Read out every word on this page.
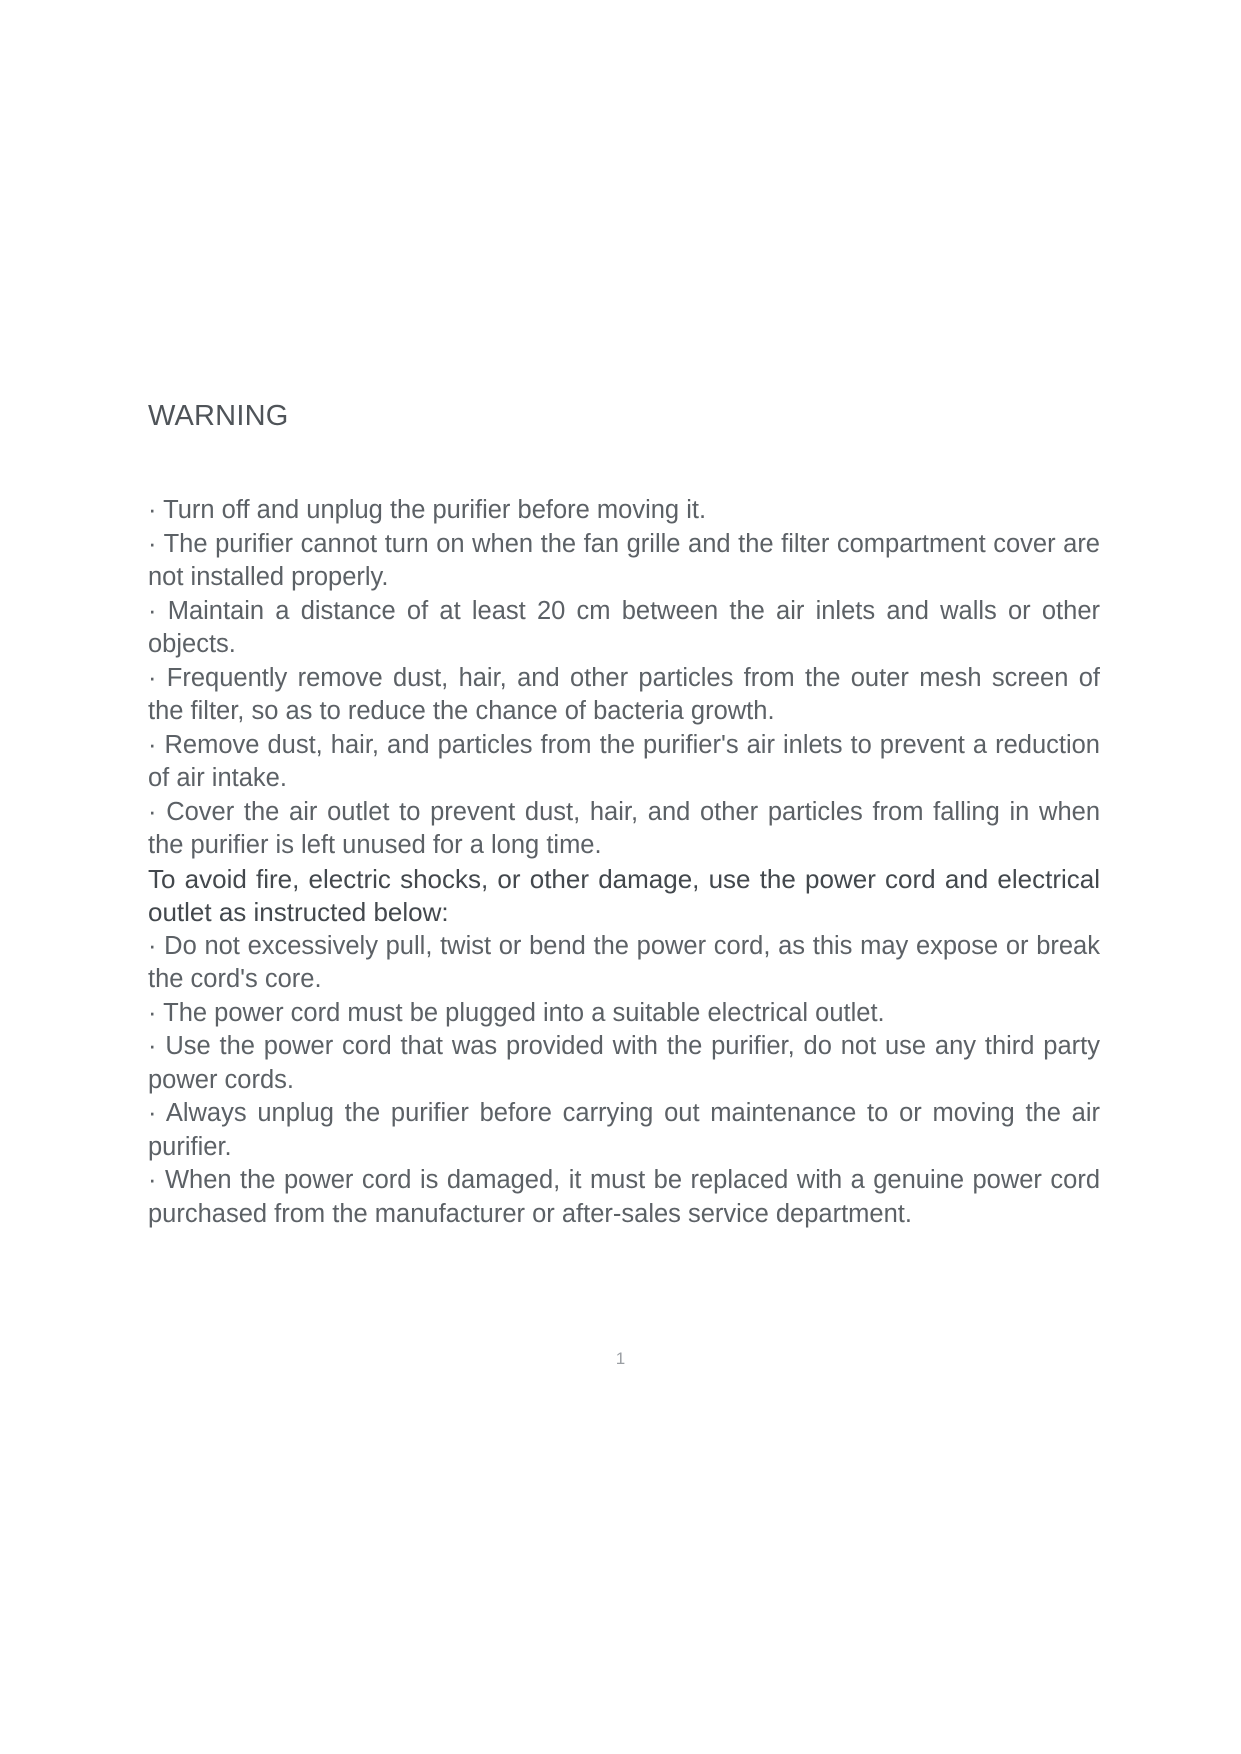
WARNING

· Turn off and unplug the purifier before moving it.

· The purifier cannot turn on when the fan grille and the filter compartment cover are not installed properly.

· Maintain a distance of at least 20 cm between the air inlets and walls or other objects.

· Frequently remove dust, hair, and other particles from the outer mesh screen of the filter, so as to reduce the chance of bacteria growth.

· Remove dust, hair, and particles from the purifier's air inlets to prevent a reduction of air intake.

· Cover the air outlet to prevent dust, hair, and other particles from falling in when the purifier is left unused for a long time.

To avoid fire, electric shocks, or other damage, use the power cord and electrical outlet as instructed below:

· Do not excessively pull, twist or bend the power cord, as this may expose or break the cord's core.

· The power cord must be plugged into a suitable electrical outlet.

· Use the power cord that was provided with the purifier, do not use any third party power cords.

· Always unplug the purifier before carrying out maintenance to or moving the air purifier.

· When the power cord is damaged, it must be replaced with a genuine power cord purchased from the manufacturer or after-sales service department.

1
